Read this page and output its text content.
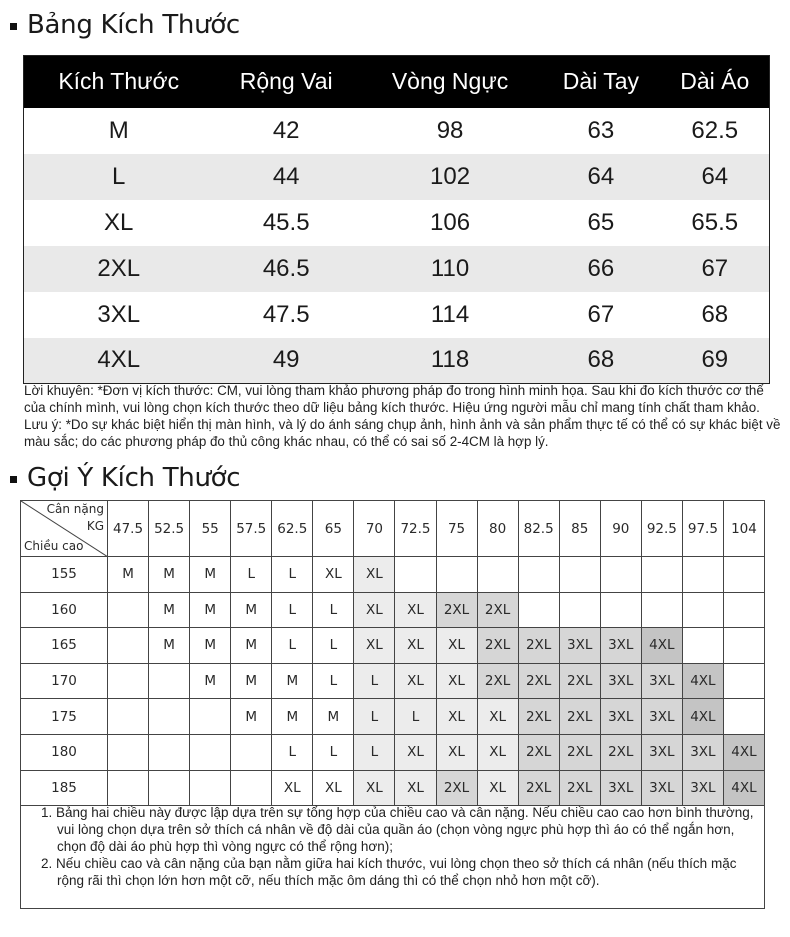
Bảng Kích Thước
Kích Thước	Rộng Vai	Vòng Ngực	Dài Tay	Dài Áo
M	42	98	63	62.5
L	44	102	64	64
XL	45.5	106	65	65.5
2XL	46.5	110	66	67
3XL	47.5	114	67	68
4XL	49	118	68	69

Lời khuyên: *Đơn vị kích thước: CM, vui lòng tham khảo phương pháp đo trong hình minh họa. Sau khi đo kích thước cơ thể của chính mình, vui lòng chọn kích thước theo dữ liệu bảng kích thước. Hiệu ứng người mẫu chỉ mang tính chất tham khảo.

Lưu ý: *Do sự khác biệt hiển thị màn hình, và lý do ánh sáng chụp ảnh, hình ảnh và sản phẩm thực tế có thể có sự khác biệt về màu sắc; do các phương pháp đo thủ công khác nhau, có thể có sai số 2-4CM là hợp lý.

Gợi Ý Kích Thước
Cân nặng
KG
Chiều cao	47.5	52.5	55	57.5	62.5	65	70	72.5	75	80	82.5	85	90	92.5	97.5	104
155	M	M	M	L	L	XL	XL									
160		M	M	M	L	L	XL	XL	2XL	2XL						
165		M	M	M	L	L	XL	XL	XL	2XL	2XL	3XL	3XL	4XL		
170			M	M	M	L	L	XL	XL	2XL	2XL	2XL	3XL	3XL	4XL	
175				M	M	M	L	L	XL	XL	2XL	2XL	3XL	3XL	4XL	
180					L	L	L	XL	XL	XL	2XL	2XL	2XL	3XL	3XL	4XL
185					XL	XL	XL	XL	2XL	XL	2XL	2XL	3XL	3XL	3XL	4XL
1. Bảng hai chiều này được lập dựa trên sự tổng hợp của chiều cao và cân nặng. Nếu chiều cao cao hơn bình thường, vui lòng chọn dựa trên sở thích cá nhân về độ dài của quần áo (chọn vòng ngực phù hợp thì áo có thể ngắn hơn, chọn độ dài áo phù hợp thì vòng ngực có thể rộng hơn);
2. Nếu chiều cao và cân nặng của bạn nằm giữa hai kích thước, vui lòng chọn theo sở thích cá nhân (nếu thích mặc rộng rãi thì chọn lớn hơn một cỡ, nếu thích mặc ôm dáng thì có thể chọn nhỏ hơn một cỡ).
